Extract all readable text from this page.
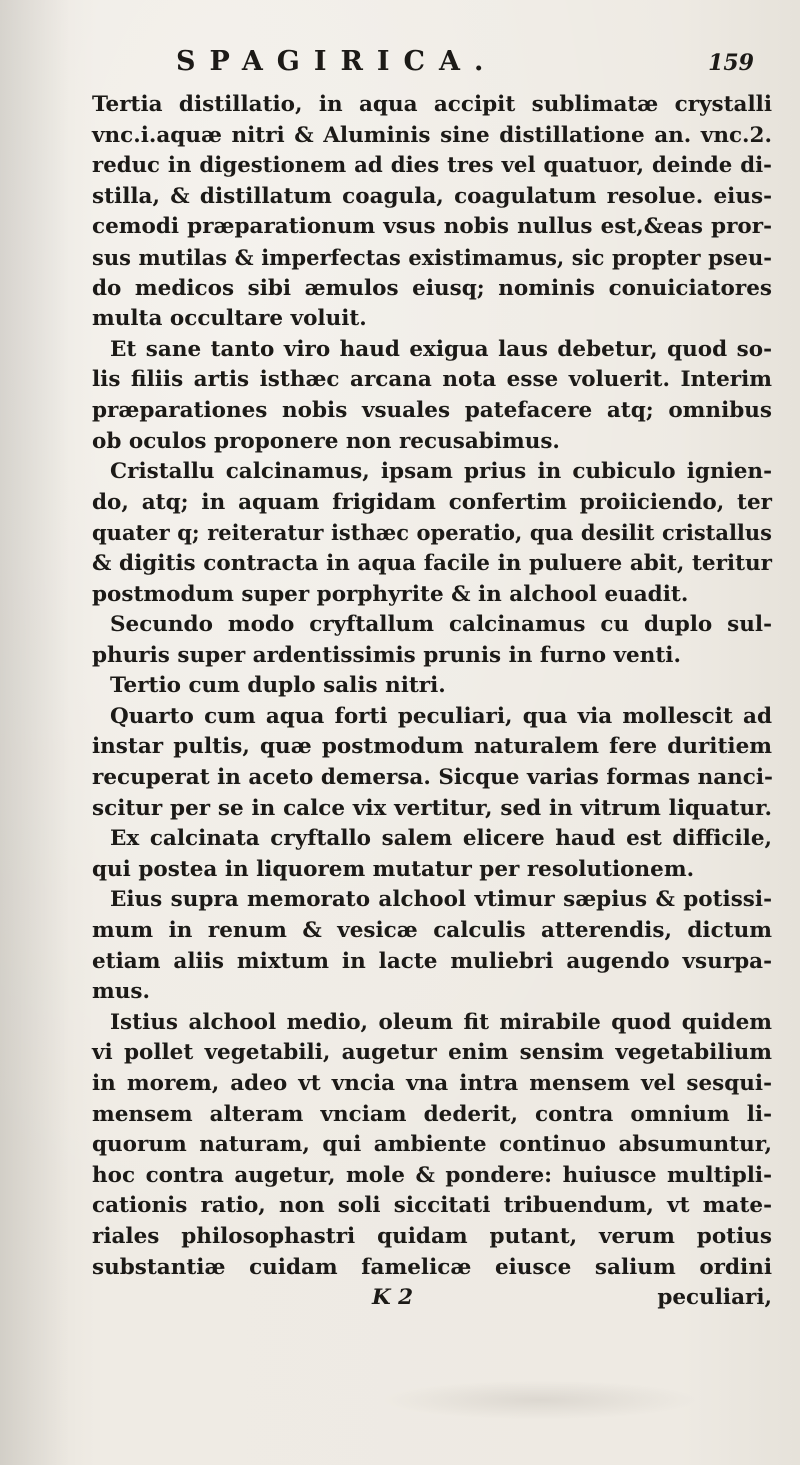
SPAGIRICA.	159
Tertia distillatio, in aqua accipit sublimatæ crystalli
vnc.i.aquæ nitri & Aluminis sine distillatione an. vnc.2.
reduc in digestionem ad dies tres vel quatuor, deinde di-
stilla, & distillatum coagula, coagulatum resolue. eius-
cemodi præparationum vsus nobis nullus est,&eas pror-
sus mutilas & imperfectas existimamus, sic propter pseu-
do medicos sibi æmulos eiusq; nominis conuiciatores
multa occultare voluit.
Et sane tanto viro haud exigua laus debetur, quod so-
lis filiis artis isthæc arcana nota esse voluerit. Interim
præparationes nobis vsuales patefacere atq; omnibus
ob oculos proponere non recusabimus.
Cristallu calcinamus, ipsam prius in cubiculo ignien-
do, atq; in aquam frigidam confertim proiiciendo, ter
quater q; reiteratur isthæc operatio, qua desilit cristallus
& digitis contracta in aqua facile in puluere abit, teritur
postmodum super porphyrite & in alchool euadit.
Secundo modo cryftallum calcinamus cu duplo sul-
phuris super ardentissimis prunis in furno venti.
Tertio cum duplo salis nitri.
Quarto cum aqua forti peculiari, qua via mollescit ad
instar pultis, quæ postmodum naturalem fere duritiem
recuperat in aceto demersa. Sicque varias formas nanci-
scitur per se in calce vix vertitur, sed in vitrum liquatur.
Ex calcinata cryftallo salem elicere haud est difficile,
qui postea in liquorem mutatur per resolutionem.
Eius supra memorato alchool vtimur sæpius & potissi-
mum in renum & vesicæ calculis atterendis, dictum
etiam aliis mixtum in lacte muliebri augendo vsurpa-
mus.
Istius alchool medio, oleum fit mirabile quod quidem
vi pollet vegetabili, augetur enim sensim vegetabilium
in morem, adeo vt vncia vna intra mensem vel sesqui-
mensem alteram vnciam dederit, contra omnium li-
quorum naturam, qui ambiente continuo absumuntur,
hoc contra augetur, mole & pondere: huiusce multipli-
cationis ratio, non soli siccitati tribuendum, vt mate-
riales philosophastri quidam putant, verum potius
substantiæ cuidam famelicæ eiusce salium ordini
K 2	peculiari,
